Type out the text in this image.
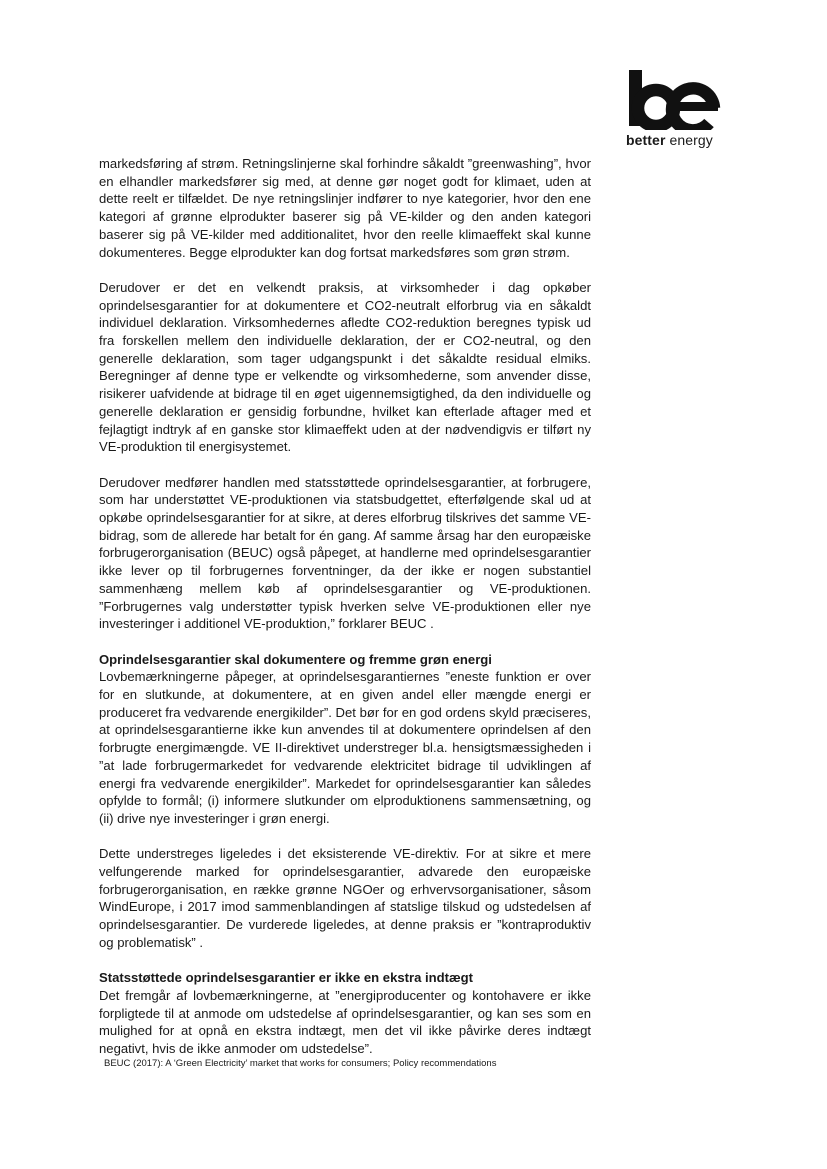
better energy

markedsføring af strøm. Retningslinjerne skal forhindre såkaldt ”greenwashing”, hvor en elhandler markedsfører sig med, at denne gør noget godt for klimaet, uden at dette reelt er tilfældet. De nye retningslinjer indfører to nye kategorier, hvor den ene kategori af grønne elprodukter baserer sig på VE-kilder og den anden kategori baserer sig på VE-kilder med additionalitet, hvor den reelle klimaeffekt skal kunne dokumenteres. Begge elprodukter kan dog fortsat markedsføres som grøn strøm.

Derudover er det en velkendt praksis, at virksomheder i dag opkøber oprindelsesgarantier for at dokumentere et CO2-neutralt elforbrug via en såkaldt individuel deklaration. Virksomhedernes afledte CO2-reduktion beregnes typisk ud fra forskellen mellem den individuelle deklaration, der er CO2-neutral, og den generelle deklaration, som tager udgangspunkt i det såkaldte residual elmiks. Beregninger af denne type er velkendte og virksomhederne, som anvender disse, risikerer uafvidende at bidrage til en øget uigennemsigtighed, da den individuelle og generelle deklaration er gensidig forbundne, hvilket kan efterlade aftager med et fejlagtigt indtryk af en ganske stor klimaeffekt uden at der nødvendigvis er tilført ny VE-produktion til energisystemet.

Derudover medfører handlen med statsstøttede oprindelsesgarantier, at forbrugere, som har understøttet VE-produktionen via statsbudgettet, efterfølgende skal ud at opkøbe oprindelsesgarantier for at sikre, at deres elforbrug tilskrives det samme VE-bidrag, som de allerede har betalt for én gang. Af samme årsag har den europæiske forbrugerorganisation (BEUC) også påpeget, at handlerne med oprindelsesgarantier ikke lever op til forbrugernes forventninger, da der ikke er nogen substantiel sammenhæng mellem køb af oprindelsesgarantier og VE-produktionen. ”Forbrugernes valg understøtter typisk hverken selve VE-produktionen eller nye investeringer i additionel VE-produktion,” forklarer BEUC .

Oprindelsesgarantier skal dokumentere og fremme grøn energi

Lovbemærkningerne påpeger, at oprindelsesgarantiernes ”eneste funktion er over for en slutkunde, at dokumentere, at en given andel eller mængde energi er produceret fra vedvarende energikilder”. Det bør for en god ordens skyld præciseres, at oprindelsesgarantierne ikke kun anvendes til at dokumentere oprindelsen af den forbrugte energimængde. VE II-direktivet understreger bl.a. hensigtsmæssigheden i ”at lade forbrugermarkedet for vedvarende elektricitet bidrage til udviklingen af energi fra vedvarende energikilder”. Markedet for oprindelsesgarantier kan således opfylde to formål; (i) informere slutkunder om elproduktionens sammensætning, og (ii) drive nye investeringer i grøn energi.

Dette understreges ligeledes i det eksisterende VE-direktiv. For at sikre et mere velfungerende marked for oprindelsesgarantier, advarede den europæiske forbrugerorganisation, en række grønne NGOer og erhvervsorganisationer, såsom WindEurope, i 2017 imod sammenblandingen af statslige tilskud og udstedelsen af oprindelsesgarantier. De vurderede ligeledes, at denne praksis er ”kontraproduktiv og problematisk” .

Statsstøttede oprindelsesgarantier er ikke en ekstra indtægt

Det fremgår af lovbemærkningerne, at ”energiproducenter og kontohavere er ikke forpligtede til at anmode om udstedelse af oprindelsesgarantier, og kan ses som en mulighed for at opnå en ekstra indtægt, men det vil ikke påvirke deres indtægt negativt, hvis de ikke anmoder om udstedelse”.

BEUC (2017): A ‘Green Electricity’ market that works for consumers; Policy recommendations
